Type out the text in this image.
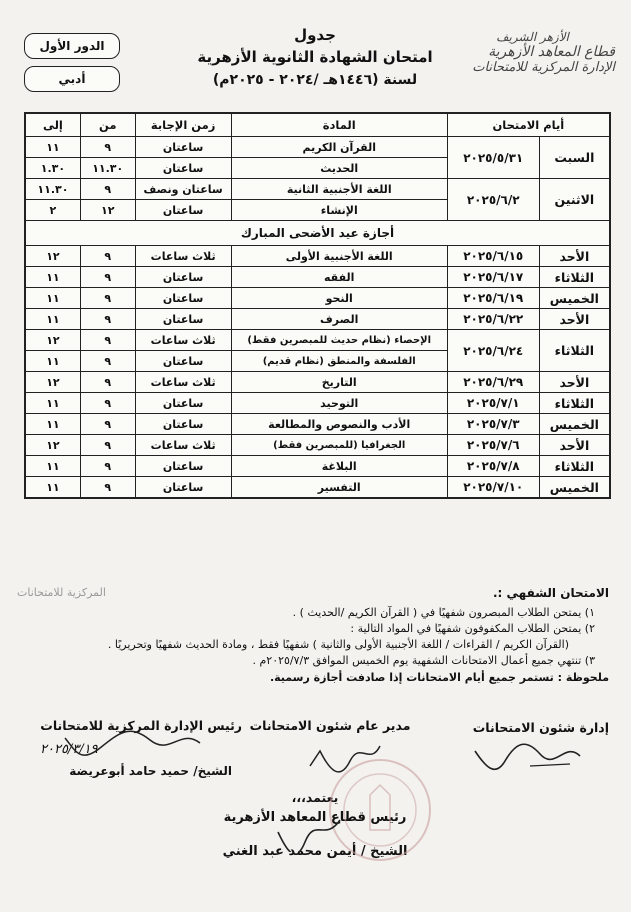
الدور الأول
أدبي
جدول
امتحان الشهادة الثانوية الأزهرية
لسنة (١٤٤٦هـ /٢٠٢٤ - ٢٠٢٥م)
الأزهر الشريف
قطاع المعاهد الأزهرية
الإدارة المركزية للامتحانات
أيام الامتحان		المادة	زمن الإجابة	من	إلى
السبت	٢٠٢٥/٥/٣١	القرآن الكريم	ساعتان	٩	١١
		الحديث	ساعتان	١١.٣٠	١.٣٠
الاثنين	٢٠٢٥/٦/٢	اللغة الأجنبية الثانية	ساعتان ونصف	٩	١١.٣٠
		الإنشاء	ساعتان	١٢	٢
أجازة عيد الأضحى المبارك					
الأحد	٢٠٢٥/٦/١٥	اللغة الأجنبية الأولى	ثلاث ساعات	٩	١٢
الثلاثاء	٢٠٢٥/٦/١٧	الفقه	ساعتان	٩	١١
الخميس	٢٠٢٥/٦/١٩	النحو	ساعتان	٩	١١
الأحد	٢٠٢٥/٦/٢٢	الصرف	ساعتان	٩	١١
الثلاثاء	٢٠٢٥/٦/٢٤	الإحصاء (نظام حديث للمبصرين فقط)	ثلاث ساعات	٩	١٢
		الفلسفة والمنطق (نظام قديم)	ساعتان	٩	١١
الأحد	٢٠٢٥/٦/٢٩	التاريخ	ثلاث ساعات	٩	١٢
الثلاثاء	٢٠٢٥/٧/١	التوحيد	ساعتان	٩	١١
الخميس	٢٠٢٥/٧/٣	الأدب والنصوص والمطالعة	ساعتان	٩	١١
الأحد	٢٠٢٥/٧/٦	الجغرافيا (للمبصرين فقط)	ثلاث ساعات	٩	١٢
الثلاثاء	٢٠٢٥/٧/٨	البلاغة	ساعتان	٩	١١
الخميس	٢٠٢٥/٧/١٠	التفسير	ساعتان	٩	١١
الامتحان الشفهي :.
المركزية للامتحانات
١) يمتحن الطلاب المبصرون شفهيًا في ( القرآن الكريم /الحديث ) .
٢) يمتحن الطلاب المكفوفون شفهيًا في المواد التالية :
(القرآن الكريم / القراءات / اللغة الأجنبية الأولى والثانية ) شفهيًا فقط ، ومادة الحديث شفهيًا وتحريريًا .
٣) تنتهي جميع أعمال الامتحانات الشفهية يوم الخميس الموافق ٢٠٢٥/٧/٣م .
ملحوظة : تستمر جميع أيام الامتحانات إذا صادفت أجازة رسمية.
إدارة شئون الامتحانات
مدير عام شئون الامتحانات
رئيس الإدارة المركزية للامتحانات
٢٠٢٥/٣/١٩
الشيخ/ حميد حامد أبوعريضة
يعتمد،،،
رئيس قطاع المعاهد الأزهرية
الشيخ / أيمن محمد عبد الغني
